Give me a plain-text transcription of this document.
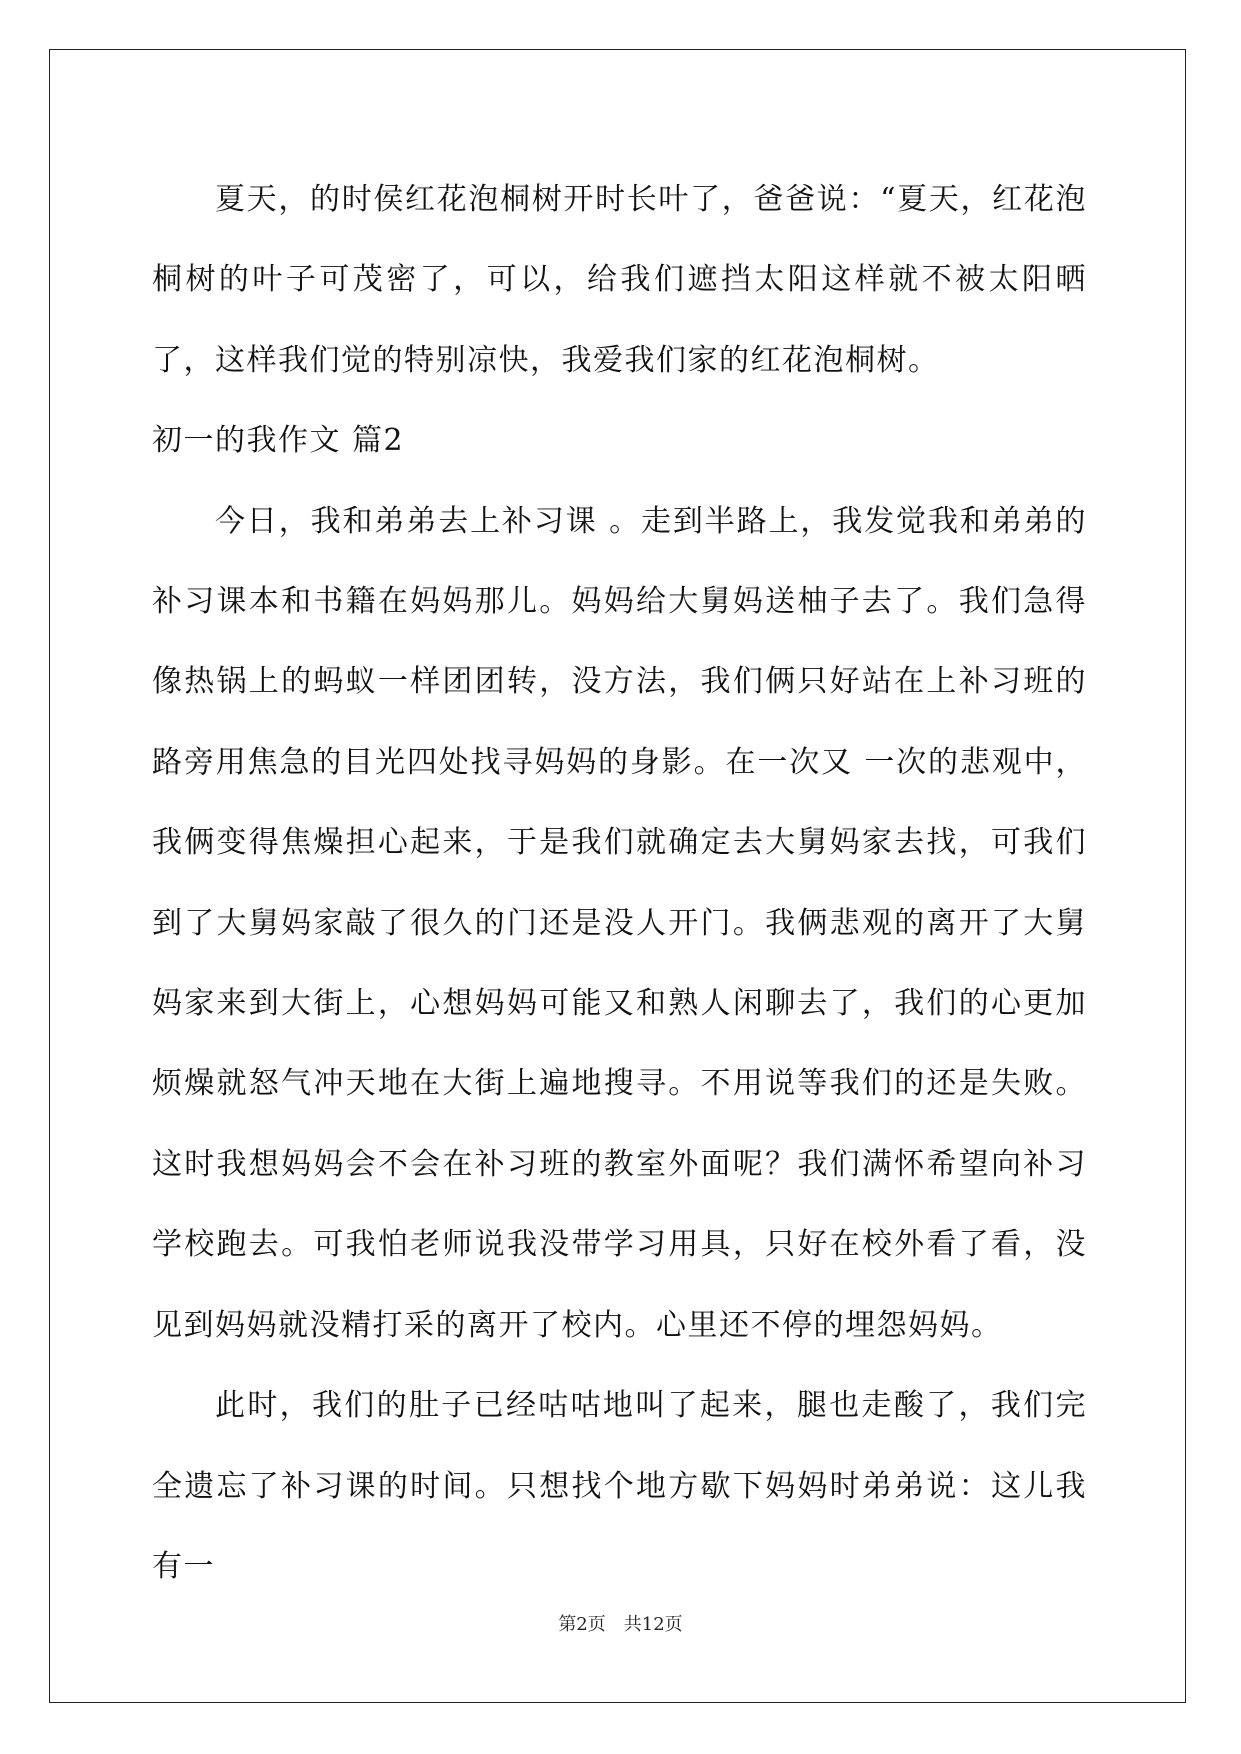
夏天，的时侯红花泡桐树开时长叶了，爸爸说：“夏天，红花泡桐树的叶子可茂密了，可以，给我们遮挡太阳这样就不被太阳晒了，这样我们觉的特别凉快，我爱我们家的红花泡桐树。

初一的我作文 篇2

今日，我和弟弟去上补习课 。走到半路上，我发觉我和弟弟的补习课本和书籍在妈妈那儿。妈妈给大舅妈送柚子去了。我们急得像热锅上的蚂蚁一样团团转，没方法，我们俩只好站在上补习班的路旁用焦急的目光四处找寻妈妈的身影。在一次又 一次的悲观中，我俩变得焦燥担心起来，于是我们就确定去大舅妈家去找，可我们到了大舅妈家敲了很久的门还是没人开门。我俩悲观的离开了大舅妈家来到大街上，心想妈妈可能又和熟人闲聊去了，我们的心更加烦燥就怒气冲天地在大街上遍地搜寻。不用说等我们的还是失败。这时我想妈妈会不会在补习班的教室外面呢？我们满怀希望向补习学校跑去。可我怕老师说我没带学习用具，只好在校外看了看，没见到妈妈就没精打采的离开了校内。心里还不停的埋怨妈妈。

此时，我们的肚子已经咕咕地叫了起来，腿也走酸了，我们完全遗忘了补习课的时间。只想找个地方歇下妈妈时弟弟说：这儿我有一

第2页　共12页
